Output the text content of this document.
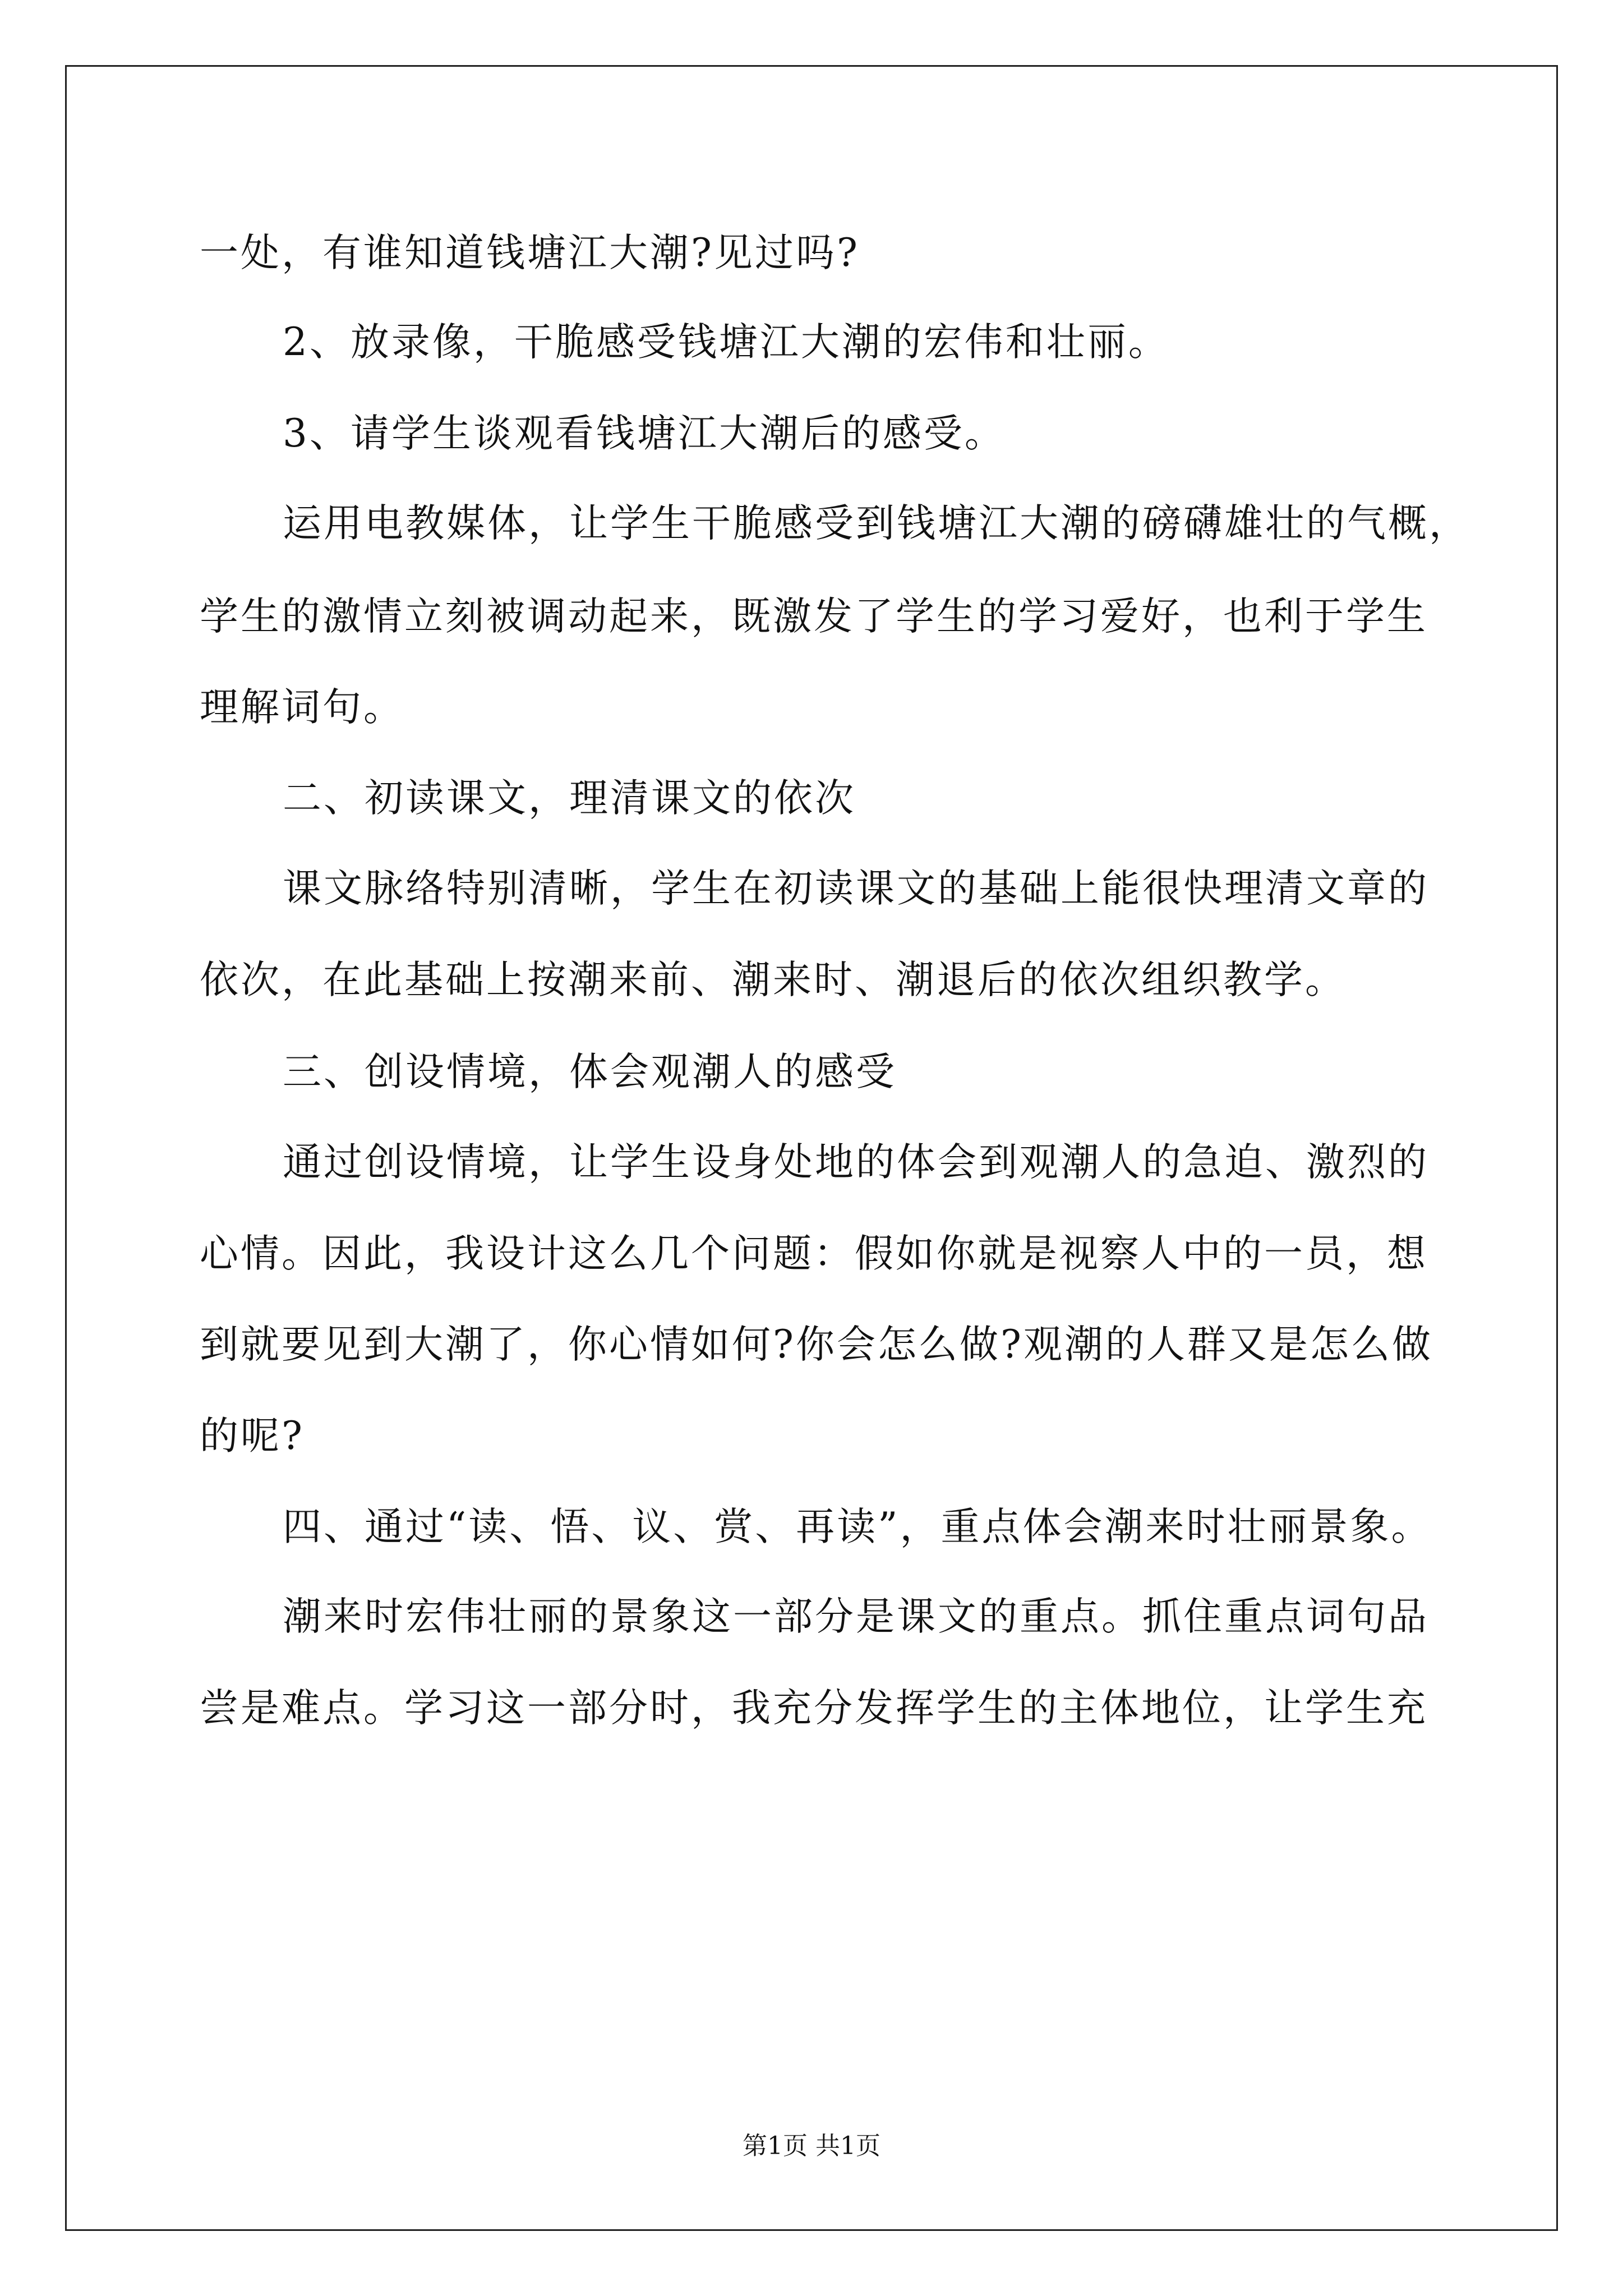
一处，有谁知道钱塘江大潮?见过吗?
2、放录像，干脆感受钱塘江大潮的宏伟和壮丽。
3、请学生谈观看钱塘江大潮后的感受。
运用电教媒体，让学生干脆感受到钱塘江大潮的磅礴雄壮的气概，
学生的激情立刻被调动起来，既激发了学生的学习爱好，也利于学生
理解词句。
二、初读课文，理清课文的依次
课文脉络特别清晰，学生在初读课文的基础上能很快理清文章的
依次，在此基础上按潮来前、潮来时、潮退后的依次组织教学。
三、创设情境，体会观潮人的感受
通过创设情境，让学生设身处地的体会到观潮人的急迫、激烈的
心情。因此，我设计这么几个问题：假如你就是视察人中的一员，想
到就要见到大潮了，你心情如何?你会怎么做?观潮的人群又是怎么做
的呢?
四、通过“读、悟、议、赏、再读”，重点体会潮来时壮丽景象。
潮来时宏伟壮丽的景象这一部分是课文的重点。抓住重点词句品
尝是难点。学习这一部分时，我充分发挥学生的主体地位，让学生充
第1页 共1页
